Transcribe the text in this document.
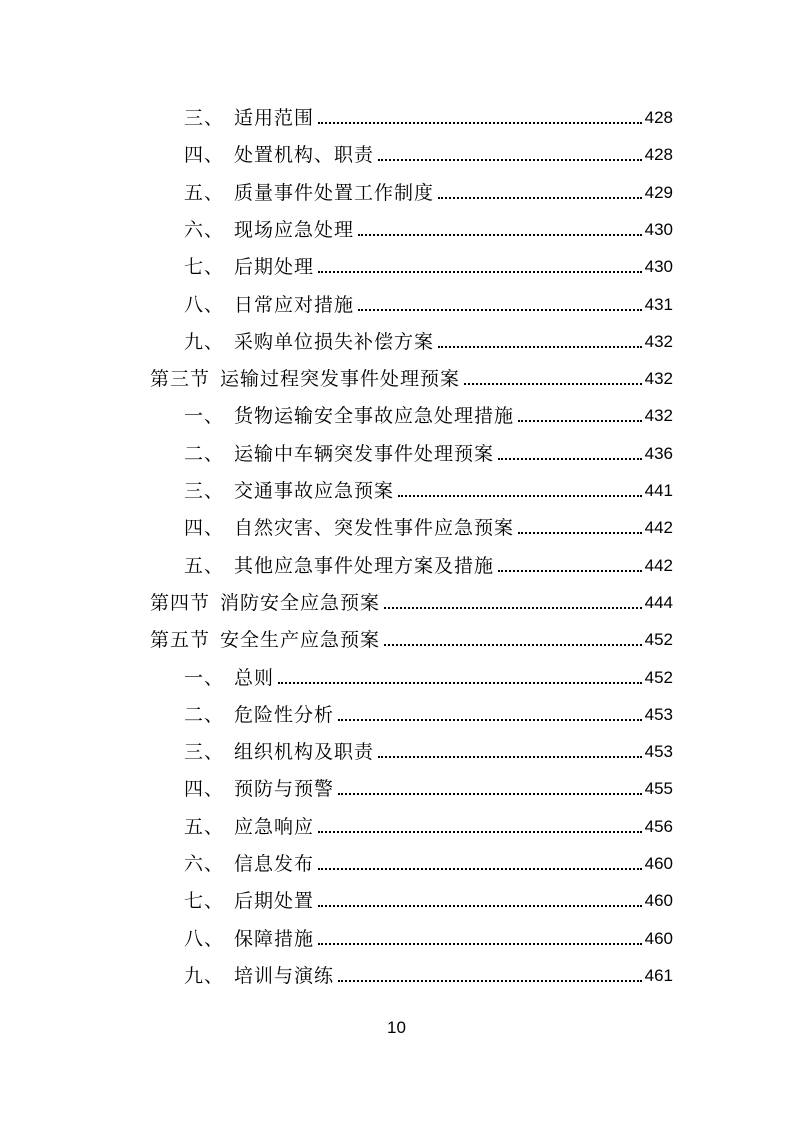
三、 适用范围	428
四、 处置机构、职责	428
五、 质量事件处置工作制度	429
六、 现场应急处理	430
七、 后期处理	430
八、 日常应对措施	431
九、 采购单位损失补偿方案	432
第三节 运输过程突发事件处理预案	432
一、 货物运输安全事故应急处理措施	432
二、 运输中车辆突发事件处理预案	436
三、 交通事故应急预案	441
四、 自然灾害、突发性事件应急预案	442
五、 其他应急事件处理方案及措施	442
第四节 消防安全应急预案	444
第五节 安全生产应急预案	452
一、 总则	452
二、 危险性分析	453
三、 组织机构及职责	453
四、 预防与预警	455
五、 应急响应	456
六、 信息发布	460
七、 后期处置	460
八、 保障措施	460
九、 培训与演练	461
10
